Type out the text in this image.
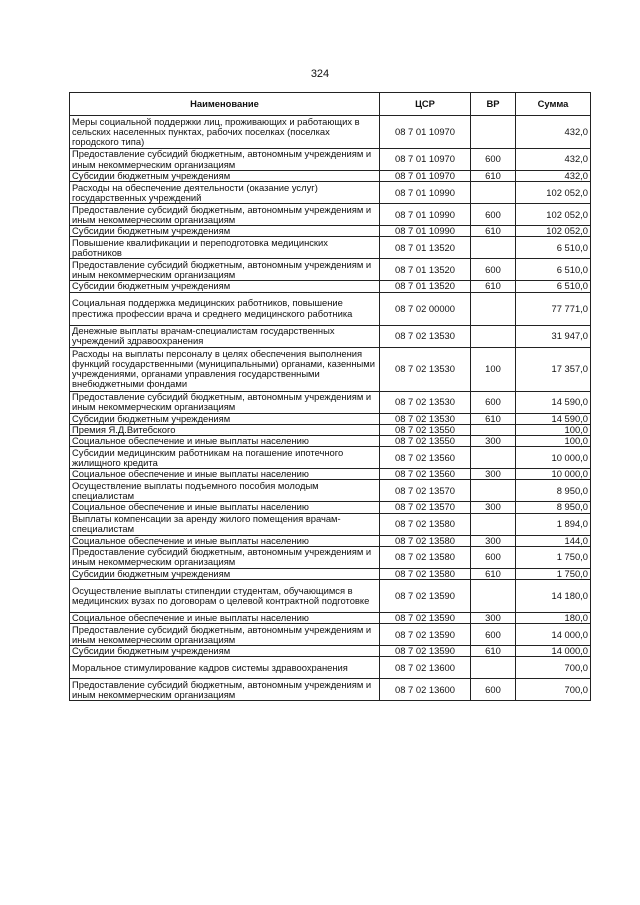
324
Наименование	ЦСР	ВР	Сумма
Меры социальной поддержки лиц, проживающих и работающих в сельских населенных пунктах, рабочих поселках (поселках городского типа)	08 7 01 10970		432,0
Предоставление субсидий бюджетным, автономным учреждениям и иным некоммерческим организациям	08 7 01 10970	600	432,0
Субсидии бюджетным учреждениям	08 7 01 10970	610	432,0
Расходы на обеспечение деятельности (оказание услуг) государственных учреждений	08 7 01 10990		102 052,0
Предоставление субсидий бюджетным, автономным учреждениям и иным некоммерческим организациям	08 7 01 10990	600	102 052,0
Субсидии бюджетным учреждениям	08 7 01 10990	610	102 052,0
Повышение квалификации и переподготовка медицинских работников	08 7 01 13520		6 510,0
Предоставление субсидий бюджетным, автономным учреждениям и иным некоммерческим организациям	08 7 01 13520	600	6 510,0
Субсидии бюджетным учреждениям	08 7 01 13520	610	6 510,0
Социальная поддержка медицинских работников, повышение престижа профессии врача и среднего медицинского работника	08 7 02 00000		77 771,0
Денежные выплаты врачам-специалистам государственных учреждений здравоохранения	08 7 02 13530		31 947,0
Расходы на выплаты персоналу в целях обеспечения выполнения функций государственными (муниципальными) органами, казенными учреждениями, органами управления государственными внебюджетными фондами	08 7 02 13530	100	17 357,0
Предоставление субсидий бюджетным, автономным учреждениям и иным некоммерческим организациям	08 7 02 13530	600	14 590,0
Субсидии бюджетным учреждениям	08 7 02 13530	610	14 590,0
Премия Я.Д.Витебского	08 7 02 13550		100,0
Социальное обеспечение и иные выплаты населению	08 7 02 13550	300	100,0
Субсидии медицинским работникам на погашение ипотечного жилищного кредита	08 7 02 13560		10 000,0
Социальное обеспечение и иные выплаты населению	08 7 02 13560	300	10 000,0
Осуществление выплаты подъемного пособия молодым специалистам	08 7 02 13570		8 950,0
Социальное обеспечение и иные выплаты населению	08 7 02 13570	300	8 950,0
Выплаты компенсации за аренду жилого помещения врачам-специалистам	08 7 02 13580		1 894,0
Социальное обеспечение и иные выплаты населению	08 7 02 13580	300	144,0
Предоставление субсидий бюджетным, автономным учреждениям и иным некоммерческим организациям	08 7 02 13580	600	1 750,0
Субсидии бюджетным учреждениям	08 7 02 13580	610	1 750,0
Осуществление выплаты стипендии студентам, обучающимся в медицинских вузах по договорам о целевой контрактной подготовке	08 7 02 13590		14 180,0
Социальное обеспечение и иные выплаты населению	08 7 02 13590	300	180,0
Предоставление субсидий бюджетным, автономным учреждениям и иным некоммерческим организациям	08 7 02 13590	600	14 000,0
Субсидии бюджетным учреждениям	08 7 02 13590	610	14 000,0
Моральное стимулирование кадров системы здравоохранения	08 7 02 13600		700,0
Предоставление субсидий бюджетным, автономным учреждениям и иным некоммерческим организациям	08 7 02 13600	600	700,0
